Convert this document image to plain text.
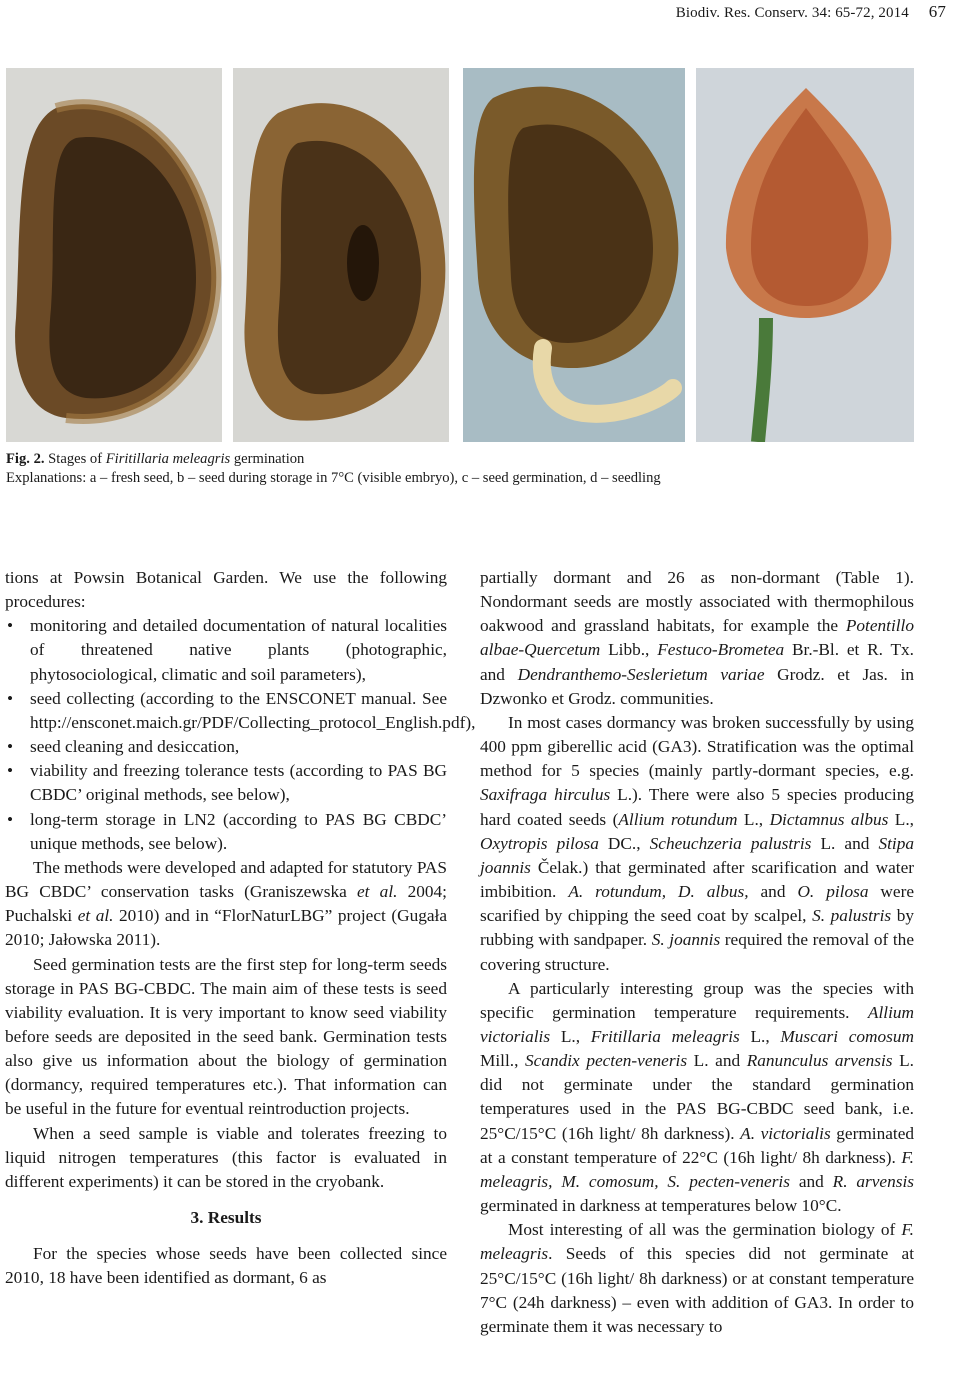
Biodiv. Res. Conserv. 34: 65-72, 2014 67
Fig. 2. Stages of Firitillaria meleagris germination
Explanations: a – fresh seed, b – seed during storage in 7°C (visible embryo), c – seed germination, d – seedling

tions at Powsin Botanical Garden. We use the following procedures:

• monitoring and detailed documentation of natural localities of threatened native plants (photographic, phytosociological, climatic and soil parameters),
• seed collecting (according to the ENSCONET manual. See http://ensconet.maich.gr/PDF/Collecting_protocol_English.pdf),
• seed cleaning and desiccation,
• viability and freezing tolerance tests (according to PAS BG CBDC’ original methods, see below),
• long-term storage in LN2 (according to PAS BG CBDC’ unique methods, see below).

The methods were developed and adapted for statutory PAS BG CBDC’ conservation tasks (Graniszewska et al. 2004; Puchalski et al. 2010) and in “FlorNaturLBG” project (Gugała 2010; Jałowska 2011).

Seed germination tests are the first step for long-term seeds storage in PAS BG-CBDC. The main aim of these tests is seed viability evaluation. It is very important to know seed viability before seeds are deposited in the seed bank. Germination tests also give us information about the biology of germination (dormancy, required temperatures etc.). That information can be useful in the future for eventual reintroduction projects.

When a seed sample is viable and tolerates freezing to liquid nitrogen temperatures (this factor is evaluated in different experiments) it can be stored in the cryobank.

3. Results

For the species whose seeds have been collected since 2010, 18 have been identified as dormant, 6 as

partially dormant and 26 as non-dormant (Table 1). Nondormant seeds are mostly associated with thermophilous oakwood and grassland habitats, for example the Potentillo albae-Quercetum Libb., Festuco-Brometea Br.-Bl. et R. Tx. and Dendranthemo-Seslerietum variae Grodz. et Jas. in Dzwonko et Grodz. communities.

In most cases dormancy was broken successfully by using 400 ppm giberellic acid (GA3). Stratification was the optimal method for 5 species (mainly partly-dormant species, e.g. Saxifraga hirculus L.). There were also 5 species producing hard coated seeds (Allium rotundum L., Dictamnus albus L., Oxytropis pilosa DC., Scheuchzeria palustris L. and Stipa joannis Čelak.) that germinated after scarification and water imbibition. A. rotundum, D. albus, and O. pilosa were scarified by chipping the seed coat by scalpel, S. palustris by rubbing with sandpaper. S. joannis required the removal of the covering structure.

A particularly interesting group was the species with specific germination temperature requirements. Allium victorialis L., Fritillaria meleagris L., Muscari comosum Mill., Scandix pecten-veneris L. and Ranunculus arvensis L. did not germinate under the standard germination temperatures used in the PAS BG-CBDC seed bank, i.e. 25°C/15°C (16h light/ 8h darkness). A. victorialis germinated at a constant temperature of 22°C (16h light/ 8h darkness). F. meleagris, M. comosum, S. pecten-veneris and R. arvensis germinated in darkness at temperatures below 10°C.

Most interesting of all was the germination biology of F. meleagris. Seeds of this species did not germinate at 25°C/15°C (16h light/ 8h darkness) or at constant temperature 7°C (24h darkness) – even with addition of GA3. In order to germinate them it was necessary to
